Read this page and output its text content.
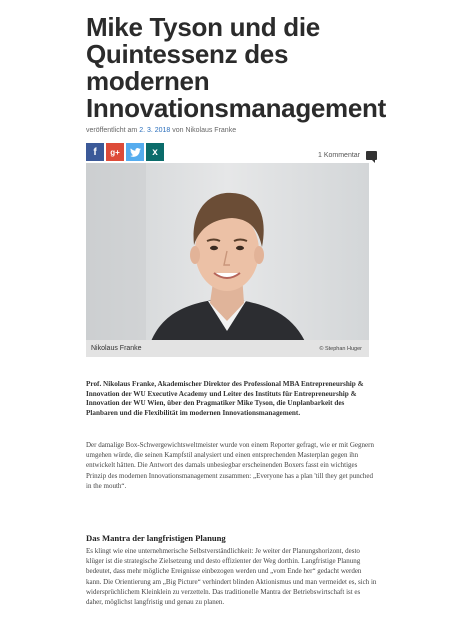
Mike Tyson und die Quintessenz des modernen Innovationsmanagement
veröffentlicht am 2. 3. 2018 von Nikolaus Franke
f g+	x	1 Kommentar
Nikolaus Franke	© Stephan Huger

Prof. Nikolaus Franke, Akademischer Direktor des Professional MBA Entrepreneurship & Innovation der WU Executive Academy und Leiter des Instituts für Entrepreneurship & Innovation der WU Wien, über den Pragmatiker Mike Tyson, die Unplanbarkeit des Planbaren und die Flexibilität im modernen Innovationsmanagement.

Der damalige Box-Schwergewichtsweltmeister wurde von einem Reporter gefragt, wie er mit Gegnern umgehen würde, die seinen Kampfstil analysiert und einen entsprechenden Masterplan gegen ihn entwickelt hätten. Die Antwort des damals unbesiegbar erscheinenden Boxers fasst ein wichtiges Prinzip des modernen Innovationsmanagement zusammen: „Everyone has a plan 'till they get punched in the mouth“.

Das Mantra der langfristigen Planung

Es klingt wie eine unternehmerische Selbstverständlichkeit: Je weiter der Planungshorizont, desto klüger ist die strategische Zielsetzung und desto effizienter der Weg dorthin. Langfristige Planung bedeutet, dass mehr mögliche Ereignisse einbezogen werden und „vom Ende her“ gedacht werden kann. Die Orientierung am „Big Picture“ verhindert blinden Aktionismus und man vermeidet es, sich in widersprüchlichem Kleinklein zu verzetteln. Das traditionelle Mantra der Betriebswirtschaft ist es daher, möglichst langfristig und genau zu planen.
